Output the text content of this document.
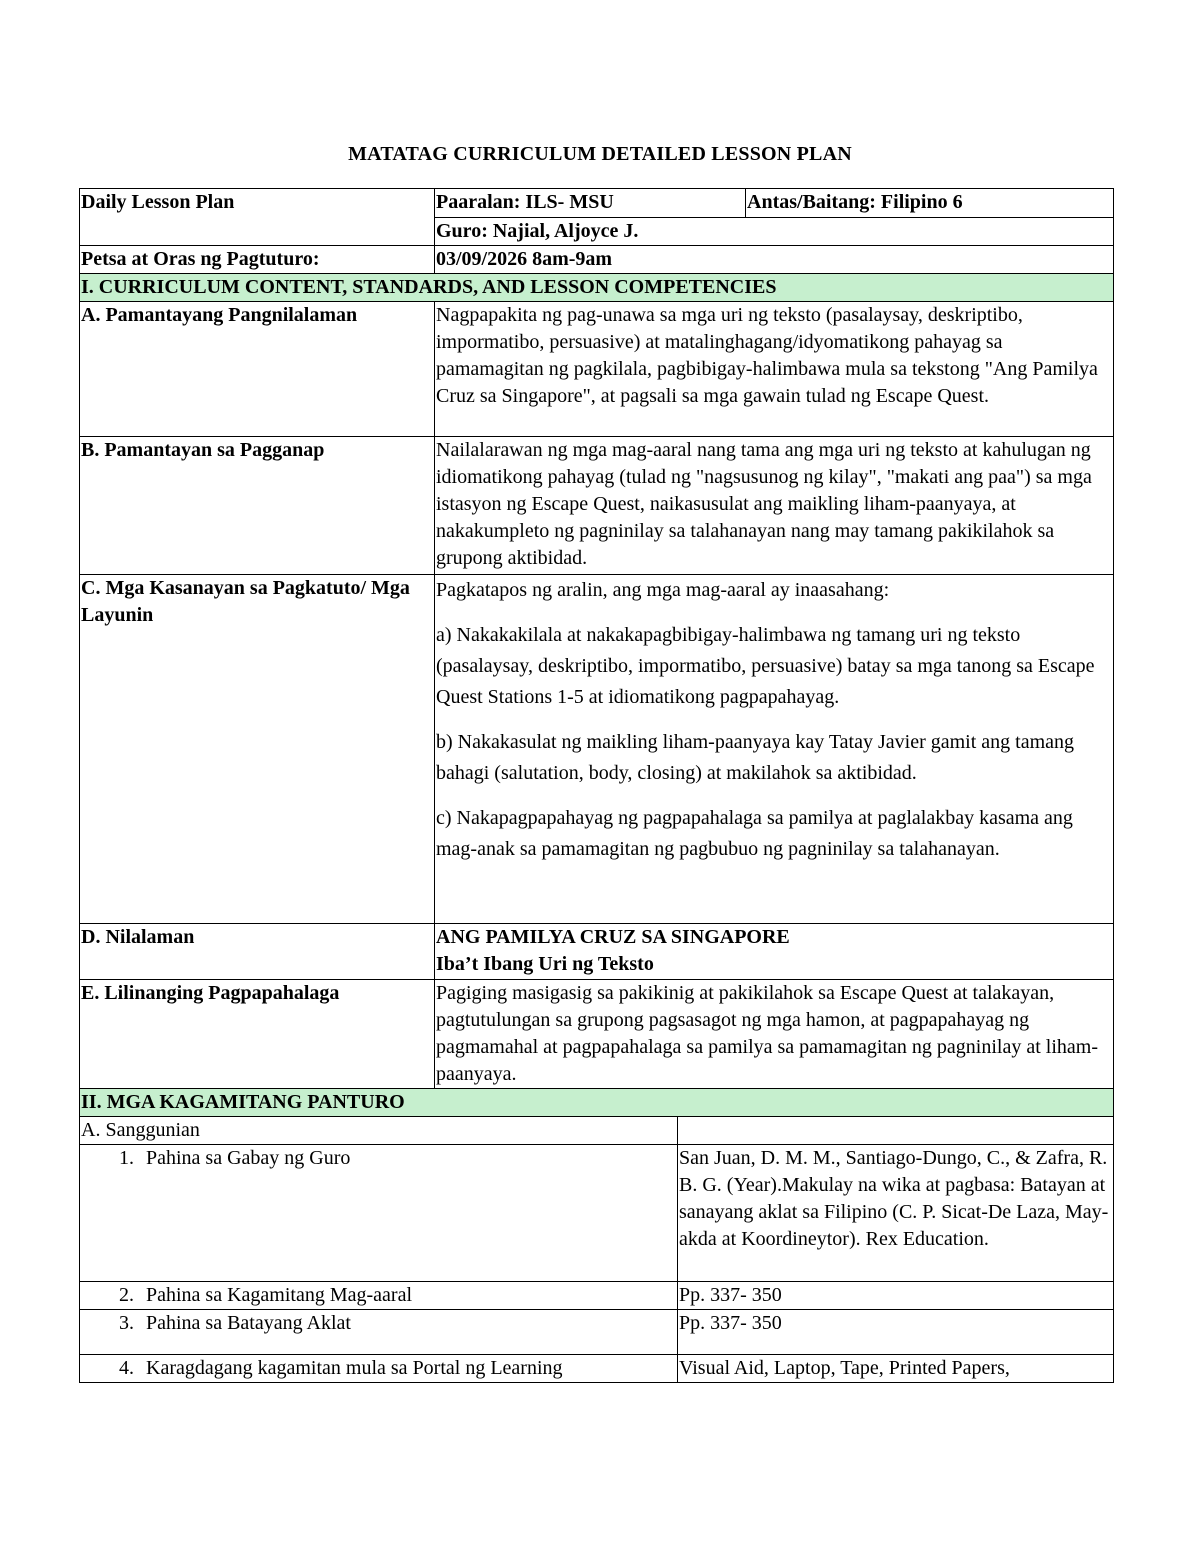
MATATAG CURRICULUM DETAILED LESSON PLAN
Daily Lesson Plan	Paaralan: ILS- MSU		Antas/Baitang: Filipino 6
	Guro: Najial, Aljoyce J.		
Petsa at Oras ng Pagtuturo:	03/09/2026 8am-9am		
I. CURRICULUM CONTENT, STANDARDS, AND LESSON COMPETENCIES			
A. Pamantayang Pangnilalaman	Nagpapakita ng pag-unawa sa mga uri ng teksto (pasalaysay, deskriptibo, impormatibo, persuasive) at matalinghagang/idyomatikong pahayag sa pamamagitan ng pagkilala, pagbibigay-halimbawa mula sa tekstong "Ang Pamilya Cruz sa Singapore", at pagsali sa mga gawain tulad ng Escape Quest.		
B. Pamantayan sa Pagganap	Nailalarawan ng mga mag-aaral nang tama ang mga uri ng teksto at kahulugan ng idiomatikong pahayag (tulad ng "nagsusunog ng kilay", "makati ang paa") sa mga istasyon ng Escape Quest, naikasusulat ang maikling liham-paanyaya, at nakakumpleto ng pagninilay sa talahanayan nang may tamang pakikilahok sa grupong aktibidad.		
C. Mga Kasanayan sa Pagkatuto/ Mga Layunin	Pagkatapos ng aralin, ang mga mag-aaral ay inaasahang:

a) Nakakakilala at nakakapagbibigay-halimbawa ng tamang uri ng teksto (pasalaysay, deskriptibo, impormatibo, persuasive) batay sa mga tanong sa Escape Quest Stations 1-5 at idiomatikong pagpapahayag.

b) Nakakasulat ng maikling liham-paanyaya kay Tatay Javier gamit ang tamang bahagi (salutation, body, closing) at makilahok sa aktibidad.

c) Nakapagpapahayag ng pagpapahalaga sa pamilya at paglalakbay kasama ang mag-anak sa pamamagitan ng pagbubuo ng pagninilay sa talahanayan.		

D. Nilalaman	ANG PAMILYA CRUZ SA SINGAPORE
Iba’t Ibang Uri ng Teksto		

E. Lilinanging Pagpapahalaga	Pagiging masigasig sa pakikinig at pakikilahok sa Escape Quest at talakayan, pagtutulungan sa grupong pagsasagot ng mga hamon, at pagpapahayag ng pagmamahal at pagpapahalaga sa pamilya sa pamamagitan ng pagninilay at liham-paanyaya.		
II. MGA KAGAMITANG PANTURO			
A. Sanggunian			
1. Pahina sa Gabay ng Guro		San Juan, D. M. M., Santiago-Dungo, C., & Zafra, R. B. G. (Year).Makulay na wika at pagbasa: Batayan at sanayang aklat sa Filipino (C. P. Sicat-De Laza, May-akda at Koordineytor). Rex Education.	
2. Pahina sa Kagamitang Mag-aaral		Pp. 337- 350	
3. Pahina sa Batayang Aklat		Pp. 337- 350	
4. Karagdagang kagamitan mula sa Portal ng Learning		Visual Aid, Laptop, Tape, Printed Papers,	
